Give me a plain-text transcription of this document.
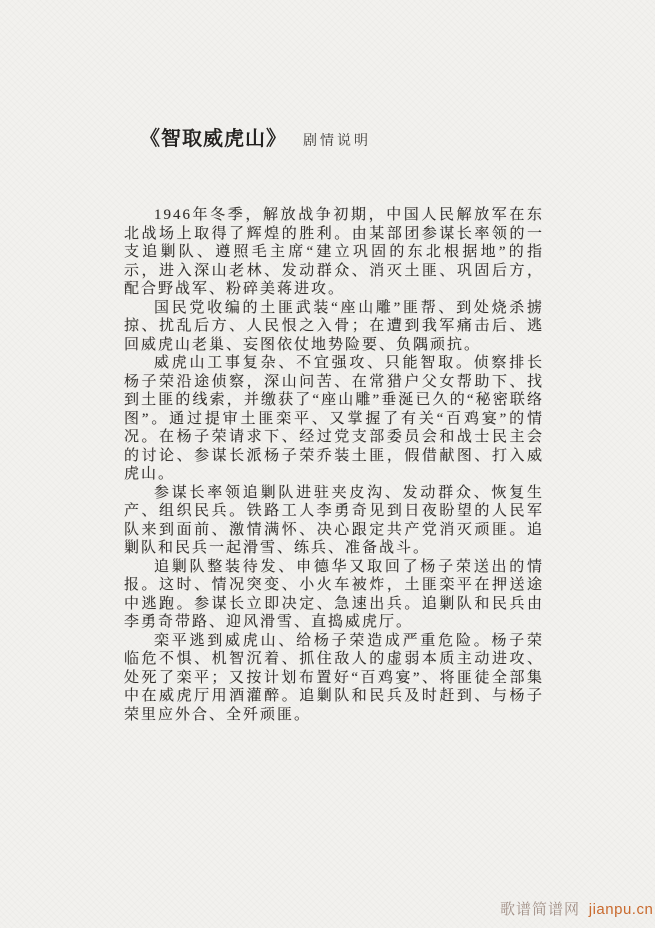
《智取威虎山》 剧情说明

1946年冬季，解放战争初期，中国人民解放军在东北战场上取得了辉煌的胜利。由某部团参谋长率领的一支追剿队、遵照毛主席“建立巩固的东北根据地”的指示，进入深山老林、发动群众、消灭土匪、巩固后方，配合野战军、粉碎美蒋进攻。

国民党收编的土匪武装“座山雕”匪帮、到处烧杀掳掠、扰乱后方、人民恨之入骨；在遭到我军痛击后、逃回威虎山老巢、妄图依仗地势险要、负隅顽抗。

威虎山工事复杂、不宜强攻、只能智取。侦察排长杨子荣沿途侦察，深山问苦、在常猎户父女帮助下、找到土匪的线索，并缴获了“座山雕”垂涎已久的“秘密联络图”。通过提审土匪栾平、又掌握了有关“百鸡宴”的情况。在杨子荣请求下、经过党支部委员会和战士民主会的讨论、参谋长派杨子荣乔装土匪，假借献图、打入威虎山。

参谋长率领追剿队进驻夹皮沟、发动群众、恢复生产、组织民兵。铁路工人李勇奇见到日夜盼望的人民军队来到面前、激情满怀、决心跟定共产党消灭顽匪。追剿队和民兵一起滑雪、练兵、准备战斗。

追剿队整装待发、申德华又取回了杨子荣送出的情报。这时、情况突变、小火车被炸，土匪栾平在押送途中逃跑。参谋长立即决定、急速出兵。追剿队和民兵由李勇奇带路、迎风滑雪、直捣威虎厅。

栾平逃到威虎山、给杨子荣造成严重危险。杨子荣临危不惧、机智沉着、抓住敌人的虚弱本质主动进攻、处死了栾平；又按计划布置好“百鸡宴”、将匪徒全部集中在威虎厅用酒灌醉。追剿队和民兵及时赶到、与杨子荣里应外合、全歼顽匪。

歌谱简谱网 jianpu.cn
